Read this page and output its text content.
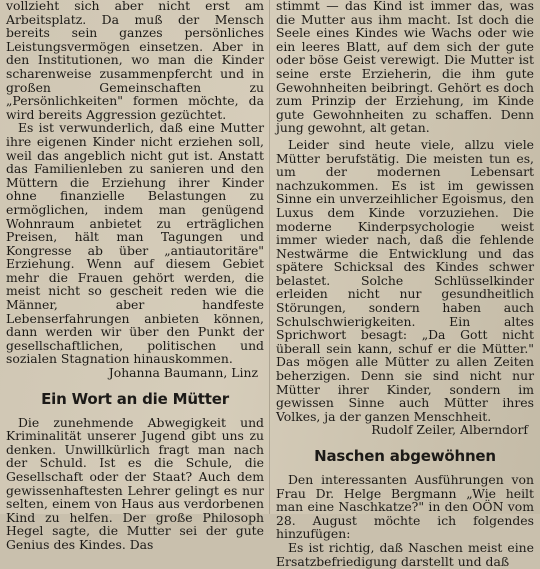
vollzieht sich aber nicht erst am Arbeitsplatz. Da muß der Mensch bereits sein ganzes persönliches Leistungsvermögen einsetzen. Aber in den Institutionen, wo man die Kinder scharenweise zusammenpfercht und in großen Gemeinschaften zu „Persönlichkeiten" formen möchte, da wird bereits Aggression gezüchtet.

Es ist verwunderlich, daß eine Mutter ihre eigenen Kinder nicht erziehen soll, weil das angeblich nicht gut ist. Anstatt das Familienleben zu sanieren und den Müttern die Erziehung ihrer Kinder ohne finanzielle Belastungen zu ermöglichen, indem man genügend Wohnraum anbietet zu erträglichen Preisen, hält man Tagungen und Kongresse ab über „antiautoritäre" Erziehung. Wenn auf diesem Gebiet mehr die Frauen gehört werden, die meist nicht so gescheit reden wie die Männer, aber handfeste Lebenserfahrungen anbieten können, dann werden wir über den Punkt der gesellschaftlichen, politischen und sozialen Stagnation hinauskommen.

Johanna Baumann, Linz

Ein Wort an die Mütter

Die zunehmende Abwegigkeit und Kriminalität unserer Jugend gibt uns zu denken. Unwillkürlich fragt man nach der Schuld. Ist es die Schule, die Gesellschaft oder der Staat? Auch dem gewissenhaftesten Lehrer gelingt es nur selten, einem von Haus aus verdorbenen Kind zu helfen. Der große Philosoph Hegel sagte, die Mutter sei der gute Genius des Kindes. Das

stimmt — das Kind ist immer das, was die Mutter aus ihm macht. Ist doch die Seele eines Kindes wie Wachs oder wie ein leeres Blatt, auf dem sich der gute oder böse Geist verewigt. Die Mutter ist seine erste Erzieherin, die ihm gute Gewohnheiten beibringt. Gehört es doch zum Prinzip der Erziehung, im Kinde gute Gewohnheiten zu schaffen. Denn jung gewohnt, alt getan.

Leider sind heute viele, allzu viele Mütter berufstätig. Die meisten tun es, um der modernen Lebensart nachzukommen. Es ist im gewissen Sinne ein unverzeihlicher Egoismus, den Luxus dem Kinde vorzuziehen. Die moderne Kinderpsychologie weist immer wieder nach, daß die fehlende Nestwärme die Entwicklung und das spätere Schicksal des Kindes schwer belastet. Solche Schlüsselkinder erleiden nicht nur gesundheitlich Störungen, sondern haben auch Schulschwierigkeiten. Ein altes Sprichwort besagt: „Da Gott nicht überall sein kann, schuf er die Mütter." Das mögen alle Mütter zu allen Zeiten beherzigen. Denn sie sind nicht nur Mütter ihrer Kinder, sondern im gewissen Sinne auch Mütter ihres Volkes, ja der ganzen Menschheit.

Rudolf Zeiler, Alberndorf

Naschen abgewöhnen

Den interessanten Ausführungen von Frau Dr. Helge Bergmann „Wie heilt man eine Naschkatze?" in den OÖN vom 28. August möchte ich folgendes hinzufügen:

Es ist richtig, daß Naschen meist eine Ersatzbefriedigung darstellt und daß
